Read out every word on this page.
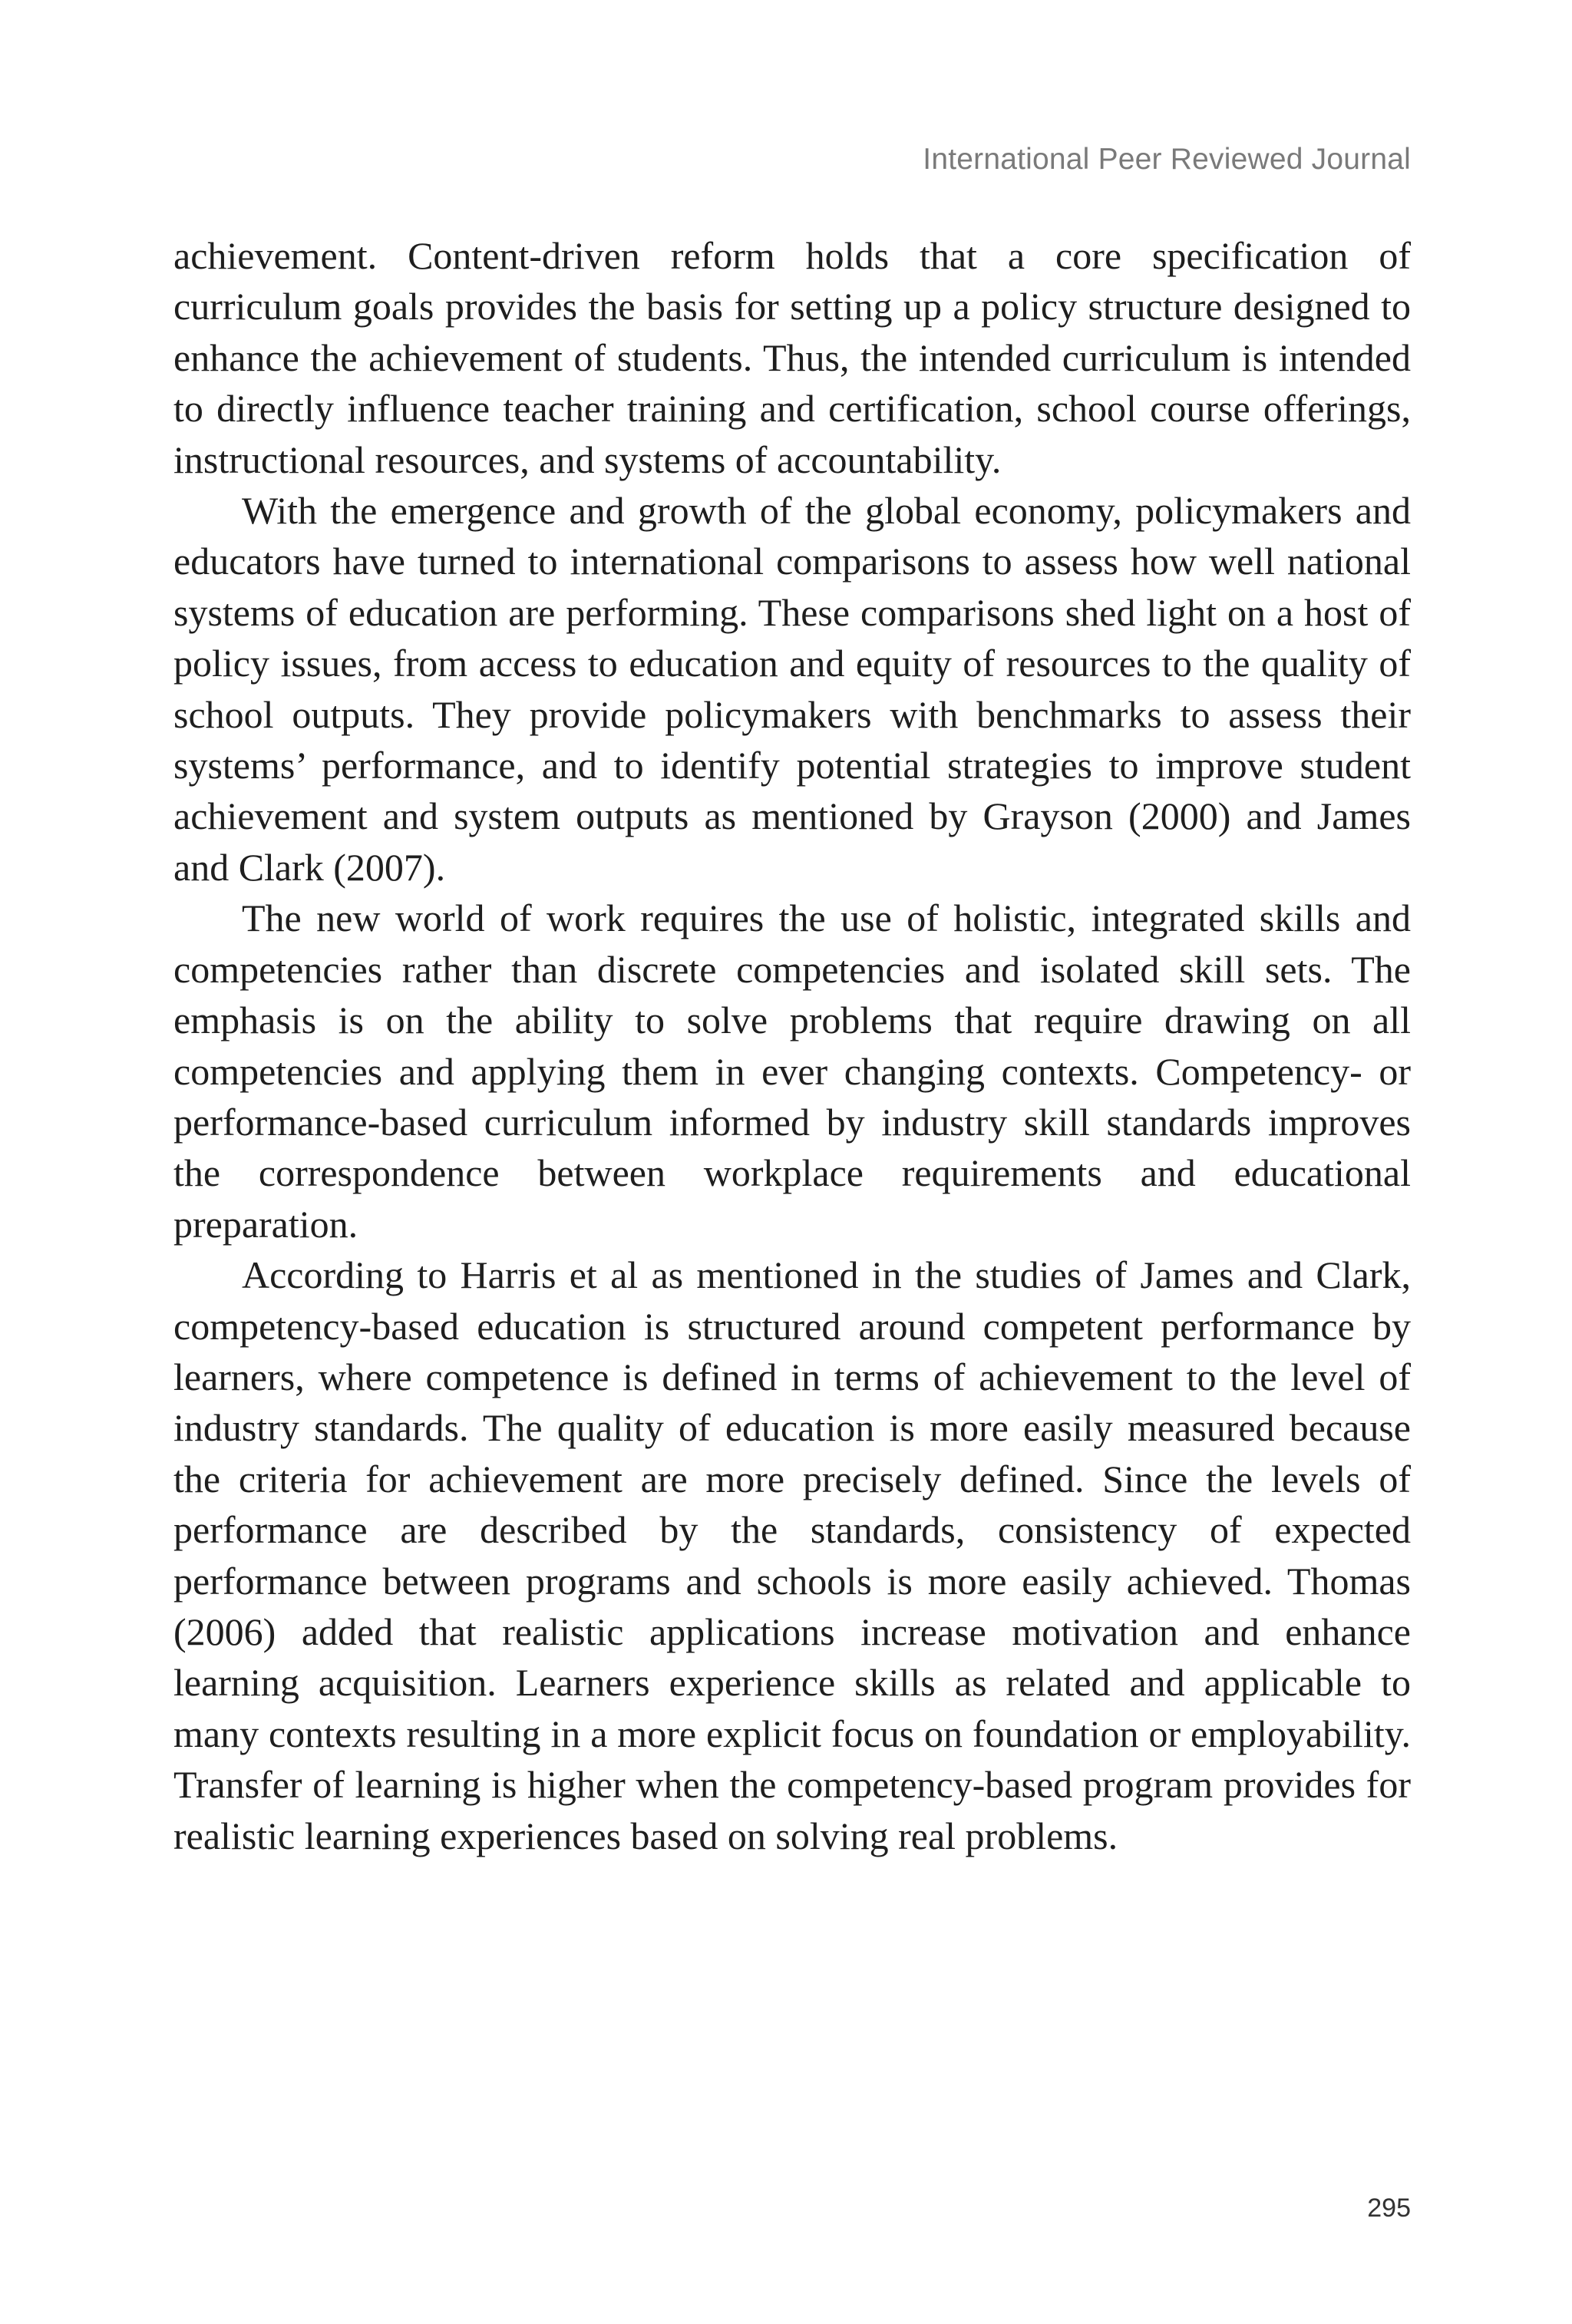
International Peer Reviewed Journal

achievement. Content-driven reform holds that a core specification of curriculum goals provides the basis for setting up a policy structure designed to enhance the achievement of students. Thus, the intended curriculum is intended to directly influence teacher training and certification, school course offerings, instructional resources, and systems of accountability.

With the emergence and growth of the global economy, policymakers and educators have turned to international comparisons to assess how well national systems of education are performing. These comparisons shed light on a host of policy issues, from access to education and equity of resources to the quality of school outputs. They provide policymakers with benchmarks to assess their systems’ performance, and to identify potential strategies to improve student achievement and system outputs as mentioned by Grayson (2000) and James and Clark (2007).

The new world of work requires the use of holistic, integrated skills and competencies rather than discrete competencies and isolated skill sets. The emphasis is on the ability to solve problems that require drawing on all competencies and applying them in ever changing contexts. Competency- or performance-based curriculum informed by industry skill standards improves the correspondence between workplace requirements and educational preparation.

According to Harris et al as mentioned in the studies of James and Clark, competency-based education is structured around competent performance by learners, where competence is defined in terms of achievement to the level of industry standards. The quality of education is more easily measured because the criteria for achievement are more precisely defined. Since the levels of performance are described by the standards, consistency of expected performance between programs and schools is more easily achieved. Thomas (2006) added that realistic applications increase motivation and enhance learning acquisition. Learners experience skills as related and applicable to many contexts resulting in a more explicit focus on foundation or employability. Transfer of learning is higher when the competency-based program provides for realistic learning experiences based on solving real problems.

295
